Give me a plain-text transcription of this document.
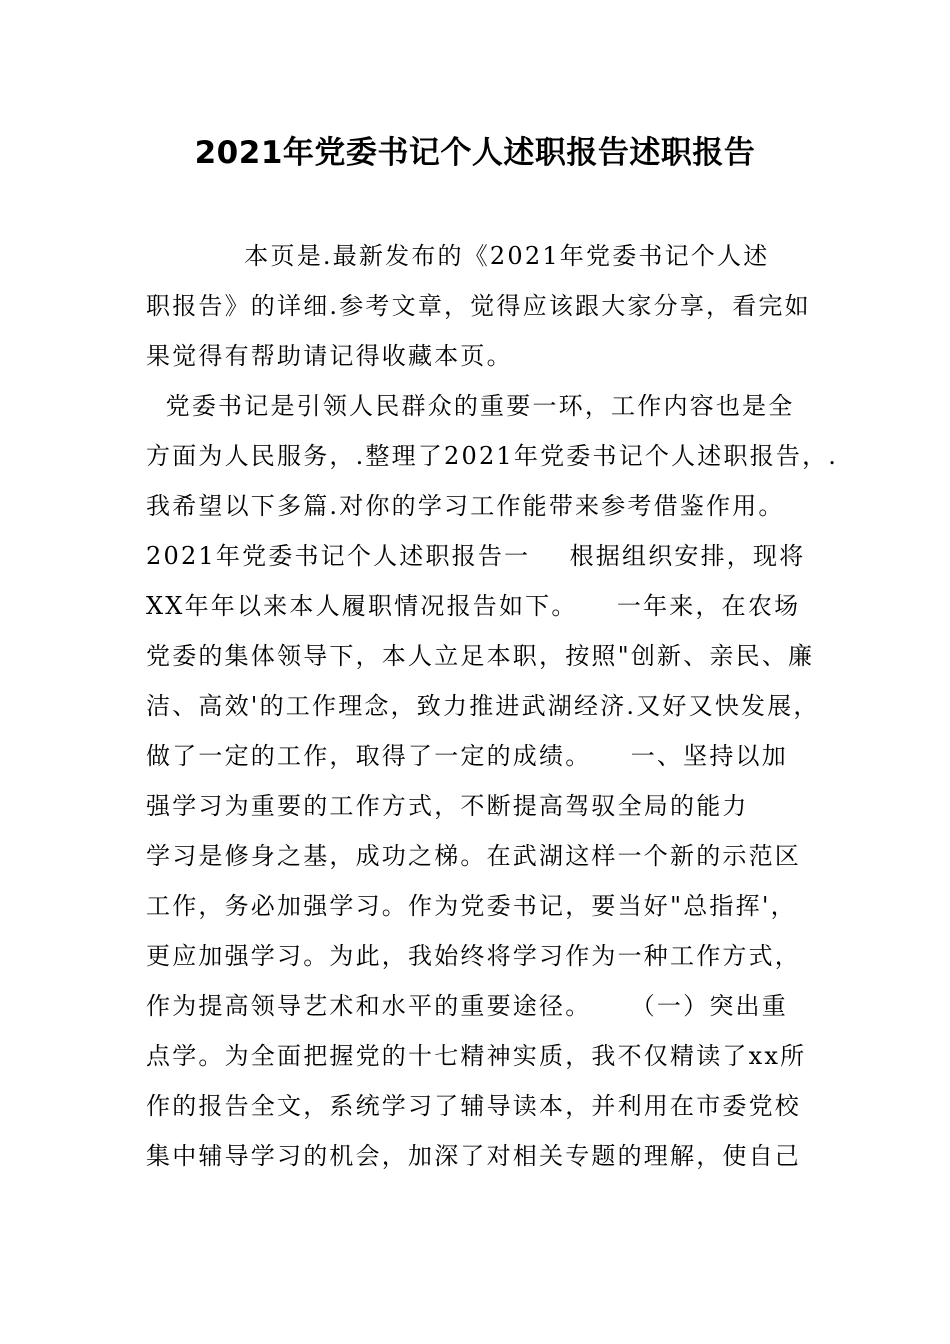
2021年党委书记个人述职报告述职报告
本页是.最新发布的《2021年党委书记个人述
职报告》的详细.参考文章，觉得应该跟大家分享，看完如
果觉得有帮助请记得收藏本页。
党委书记是引领人民群众的重要一环，工作内容也是全
方面为人民服务，.整理了2021年党委书记个人述职报告，.
我希望以下多篇.对你的学习工作能带来参考借鉴作用。
2021年党委书记个人述职报告一    根据组织安排，现将
XX年年以来本人履职情况报告如下。    一年来，在农场
党委的集体领导下，本人立足本职，按照"创新、亲民、廉
洁、高效'的工作理念，致力推进武湖经济.又好又快发展，
做了一定的工作，取得了一定的成绩。    一、坚持以加
强学习为重要的工作方式，不断提高驾驭全局的能力
学习是修身之基，成功之梯。在武湖这样一个新的示范区
工作，务必加强学习。作为党委书记，要当好"总指挥'，
更应加强学习。为此，我始终将学习作为一种工作方式，
作为提高领导艺术和水平的重要途径。    （一）突出重
点学。为全面把握党的十七精神实质，我不仅精读了xx所
作的报告全文，系统学习了辅导读本，并利用在市委党校
集中辅导学习的机会，加深了对相关专题的理解，使自己
